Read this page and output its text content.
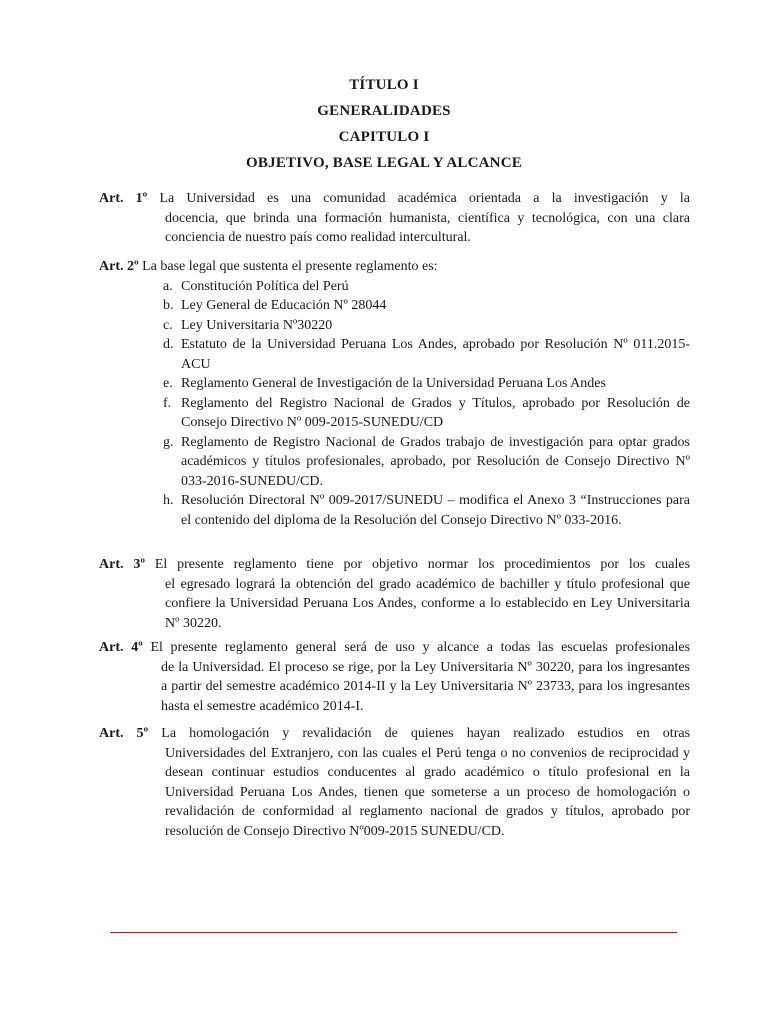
TÍTULO I
GENERALIDADES
CAPITULO I
OBJETIVO, BASE LEGAL Y ALCANCE
Art. 1º La Universidad es una comunidad académica orientada a la investigación y la
docencia, que brinda una formación humanista, científica y tecnológica, con una clara conciencia de nuestro país como realidad intercultural.
Art. 2º La base legal que sustenta el presente reglamento es:
a. Constitución Política del Perú
b. Ley General de Educación Nº 28044
c. Ley Universitaria Nº30220
d. Estatuto de la Universidad Peruana Los Andes, aprobado por Resolución Nº 011.2015-ACU
e. Reglamento General de Investigación de la Universidad Peruana Los Andes
f. Reglamento del Registro Nacional de Grados y Títulos, aprobado por Resolución de Consejo Directivo Nº 009-2015-SUNEDU/CD
g. Reglamento de Registro Nacional de Grados trabajo de investigación para optar grados académicos y títulos profesionales, aprobado, por Resolución de Consejo Directivo Nº 033-2016-SUNEDU/CD.
h. Resolución Directoral Nº 009-2017/SUNEDU – modifica el Anexo 3 “Instrucciones para el contenido del diploma de la Resolución del Consejo Directivo Nº 033-2016.
Art. 3º El presente reglamento tiene por objetivo normar los procedimientos por los cuales
el egresado logrará la obtención del grado académico de bachiller y título profesional que confiere la Universidad Peruana Los Andes, conforme a lo establecido en Ley Universitaria Nº 30220.
Art. 4º El presente reglamento general será de uso y alcance a todas las escuelas profesionales
de la Universidad. El proceso se rige, por la Ley Universitaria Nº 30220, para los ingresantes a partir del semestre académico 2014-II y la Ley Universitaria Nº 23733, para los ingresantes hasta el semestre académico 2014-I.
Art. 5º La homologación y revalidación de quienes hayan realizado estudios en otras
Universidades del Extranjero, con las cuales el Perú tenga o no convenios de reciprocidad y desean continuar estudios conducentes al grado académico o título profesional en la Universidad Peruana Los Andes, tienen que someterse a un proceso de homologación o revalidación de conformidad al reglamento nacional de grados y títulos, aprobado por resolución de Consejo Directivo Nº009-2015 SUNEDU/CD.
